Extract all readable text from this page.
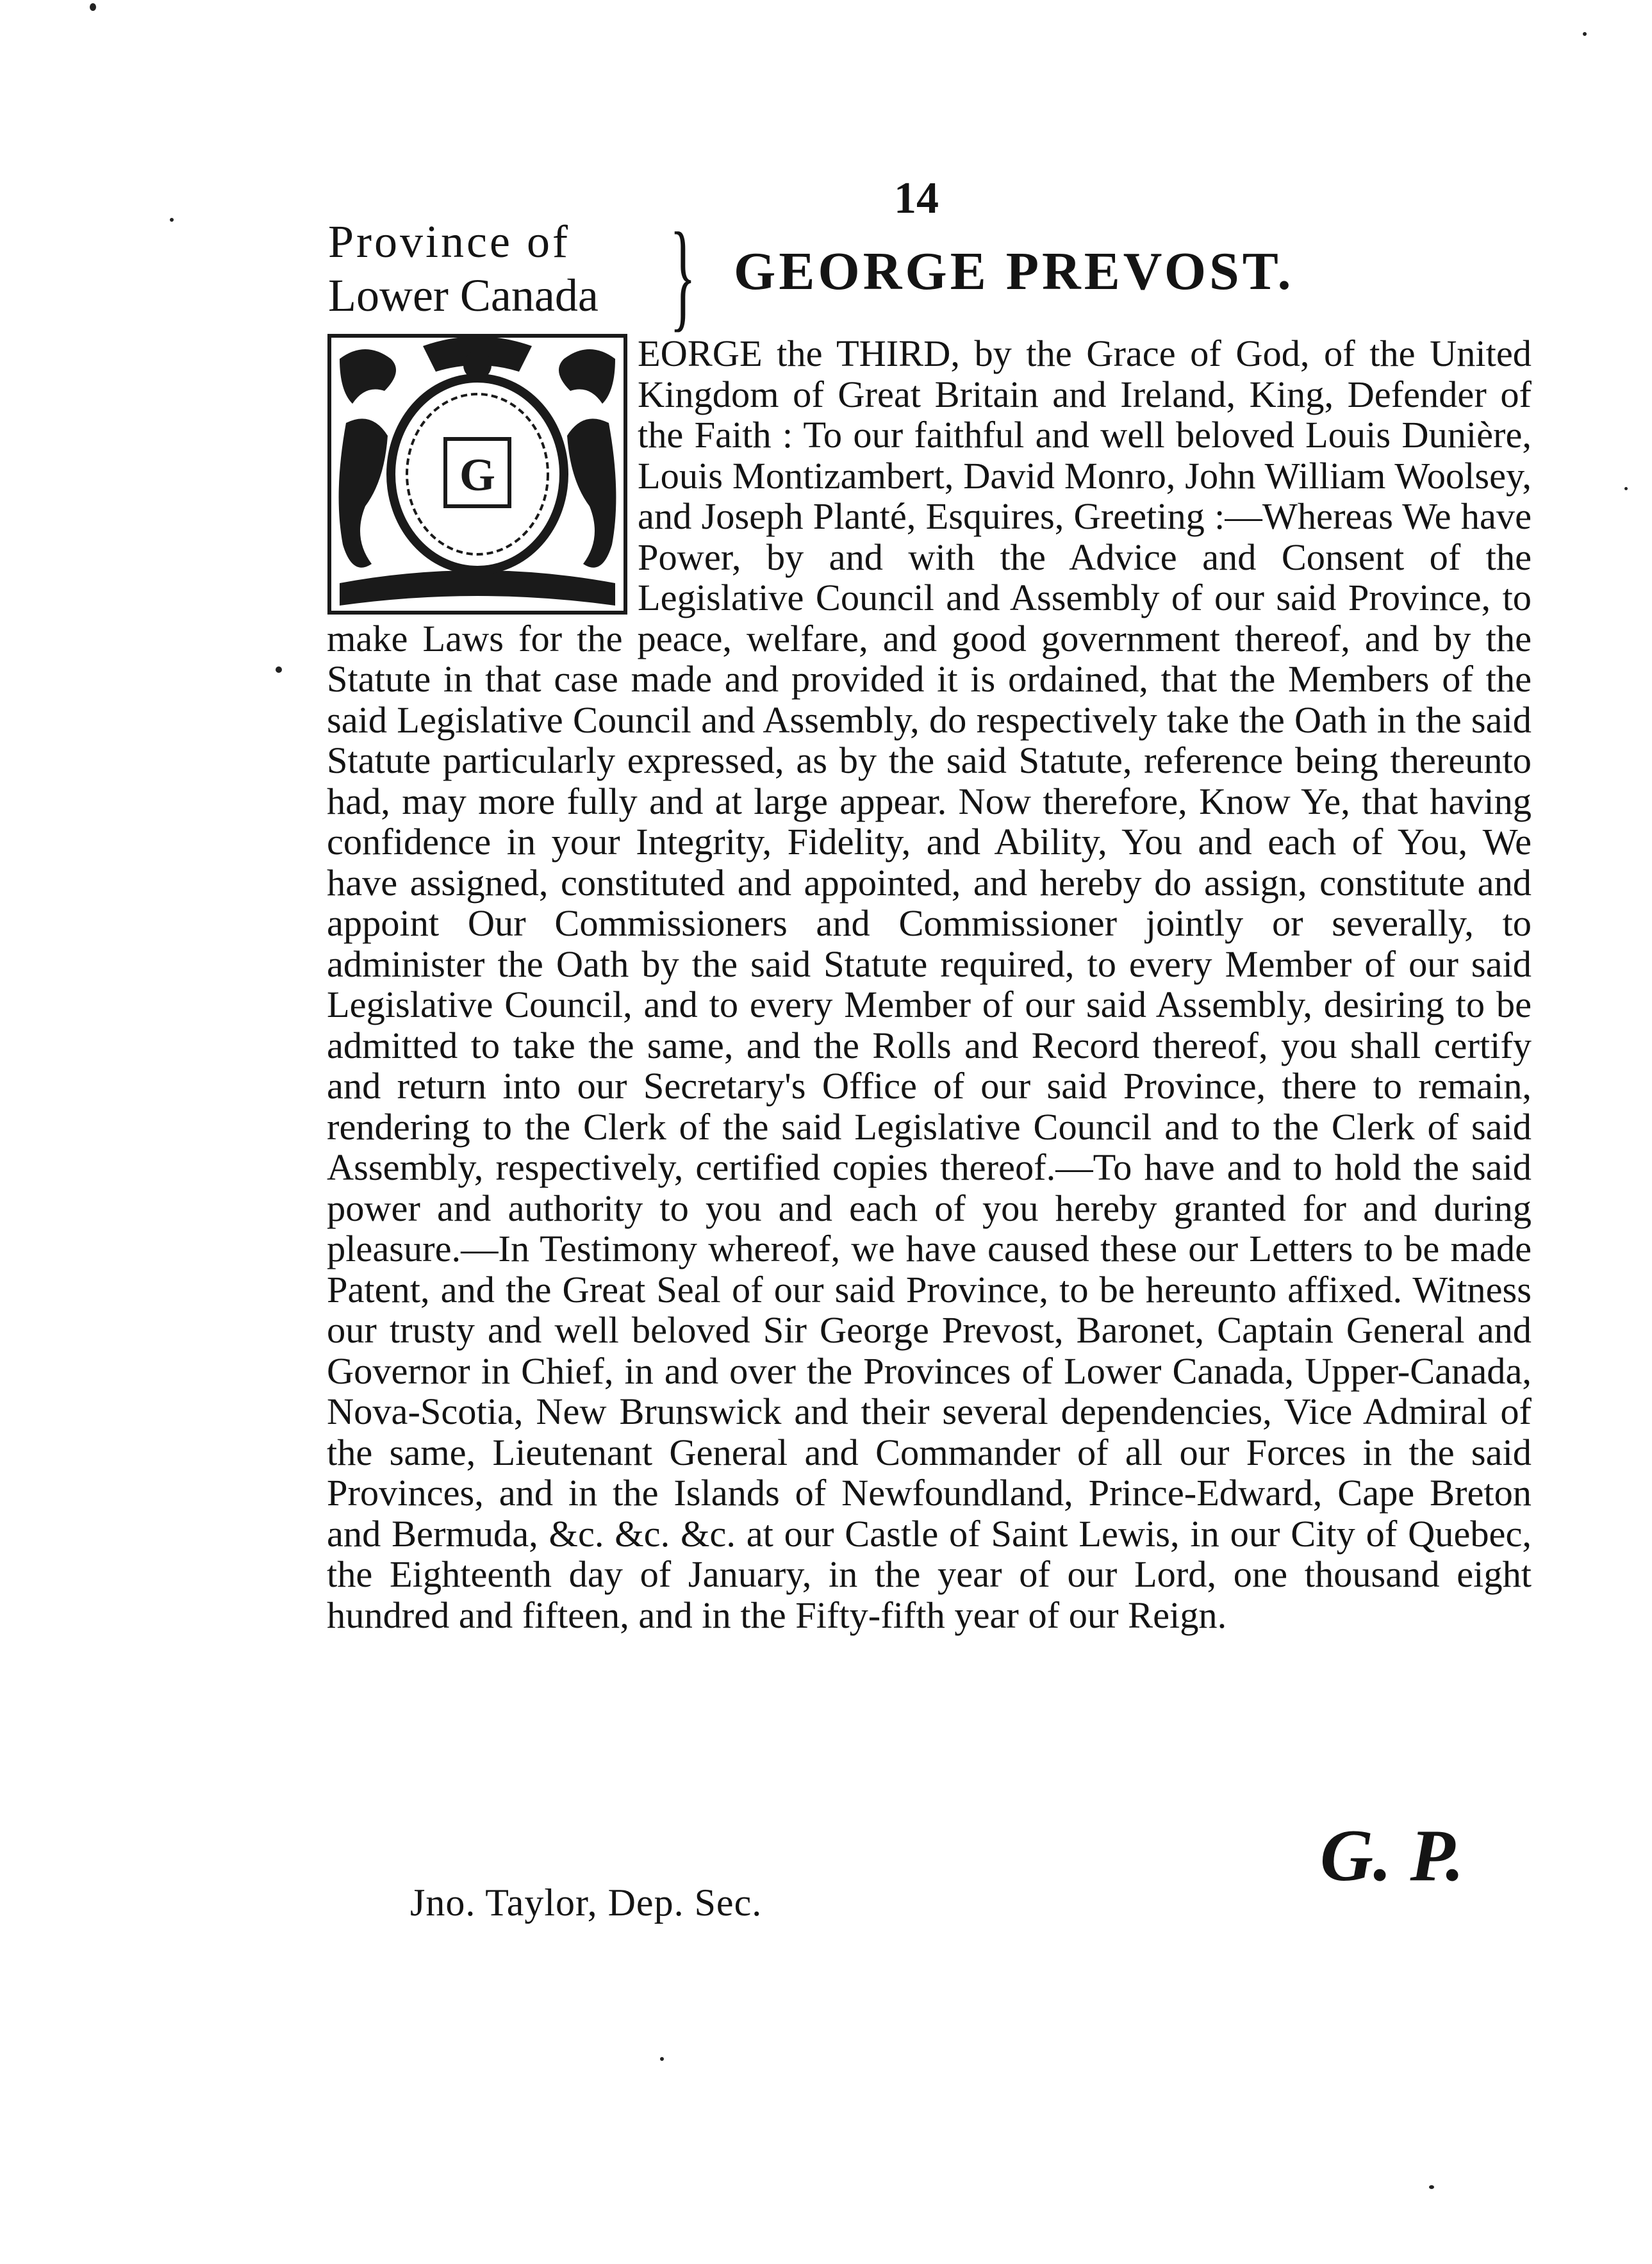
14
Province of
Lower Canada } GEORGE PREVOST.
G
EORGE the THIRD, by the Grace of God, of the United Kingdom of Great Britain and Ireland, King, Defender of the Faith : To our faithful and well beloved Louis Dunière, Louis Montizambert, David Monro, John William Woolsey, and Joseph Planté, Esquires, Greeting :—Whereas We have Power, by and with the Advice and Consent of the Legislative Council and Assembly of our said Province, to make Laws for the peace, welfare, and good government thereof, and by the Statute in that case made and provided it is ordained, that the Members of the said Legislative Council and Assembly, do respectively take the Oath in the said Statute particularly expressed, as by the said Statute, reference being thereunto had, may more fully and at large appear. Now therefore, Know Ye, that having confidence in your Integrity, Fidelity, and Ability, You and each of You, We have assigned, constituted and appointed, and hereby do assign, constitute and appoint Our Commissioners and Commissioner jointly or severally, to administer the Oath by the said Statute required, to every Member of our said Legislative Council, and to every Member of our said Assembly, desiring to be admitted to take the same, and the Rolls and Record thereof, you shall certify and return into our Secretary's Office of our said Province, there to remain, rendering to the Clerk of the said Legislative Council and to the Clerk of said Assembly, respectively, certified copies thereof.—To have and to hold the said power and authority to you and each of you hereby granted for and during pleasure.—In Testimony whereof, we have caused these our Letters to be made Patent, and the Great Seal of our said Province, to be hereunto affixed. Witness our trusty and well beloved Sir George Prevost, Baronet, Captain General and Governor in Chief, in and over the Provinces of Lower Canada, Upper-Canada, Nova-Scotia, New Brunswick and their several dependencies, Vice Admiral of the same, Lieutenant General and Commander of all our Forces in the said Provinces, and in the Islands of Newfoundland, Prince-Edward, Cape Breton and Bermuda, &c. &c. &c. at our Castle of Saint Lewis, in our City of Quebec, the Eighteenth day of January, in the year of our Lord, one thousand eight hundred and fifteen, and in the Fifty-fifth year of our Reign.
G. P.
Jno. Taylor, Dep. Sec.
